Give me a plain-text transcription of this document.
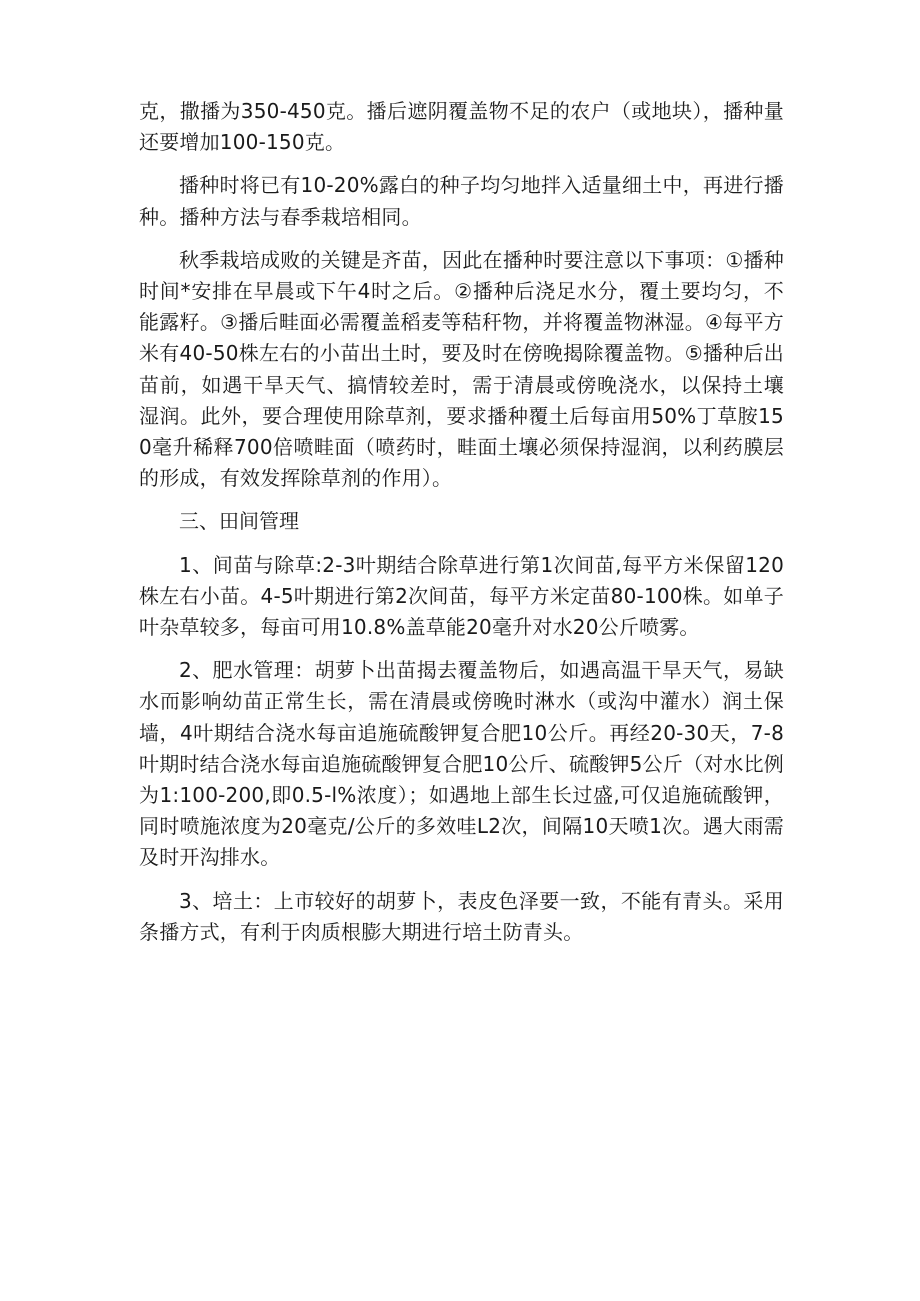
克，撒播为350-450克。播后遮阴覆盖物不足的农户（或地块），播种量还要增加100-150克。

播种时将已有10-20%露白的种子均匀地拌入适量细土中，再进行播种。播种方法与春季栽培相同。

秋季栽培成败的关键是齐苗，因此在播种时要注意以下事项：①播种时间*安排在早晨或下午4时之后。②播种后浇足水分，覆土要均匀，不能露籽。③播后畦面必需覆盖稻麦等秸秆物，并将覆盖物淋湿。④每平方米有40-50株左右的小苗出土时，要及时在傍晚揭除覆盖物。⑤播种后出苗前，如遇干旱天气、搞情较差时，需于清晨或傍晚浇水，以保持土壤湿润。此外，要合理使用除草剂，要求播种覆土后每亩用50%丁草胺150毫升稀释700倍喷畦面（喷药时，畦面土壤必须保持湿润，以利药膜层的形成，有效发挥除草剂的作用）。

三、田间管理

1、间苗与除草:2-3叶期结合除草进行第1次间苗,每平方米保留120株左右小苗。4-5叶期进行第2次间苗，每平方米定苗80-100株。如单子叶杂草较多，每亩可用10.8%盖草能20毫升对水20公斤喷雾。

2、肥水管理：胡萝卜出苗揭去覆盖物后，如遇高温干旱天气，易缺水而影响幼苗正常生长，需在清晨或傍晚时淋水（或沟中灌水）润土保墙，4叶期结合浇水每亩追施硫酸钾复合肥10公斤。再经20-30天，7-8叶期时结合浇水每亩追施硫酸钾复合肥10公斤、硫酸钾5公斤（对水比例为1:100-200,即0.5-l%浓度）；如遇地上部生长过盛,可仅追施硫酸钾，同时喷施浓度为20毫克/公斤的多效哇L2次，间隔10天喷1次。遇大雨需及时开沟排水。

3、培土：上市较好的胡萝卜，表皮色泽要一致，不能有青头。采用条播方式，有利于肉质根膨大期进行培土防青头。
